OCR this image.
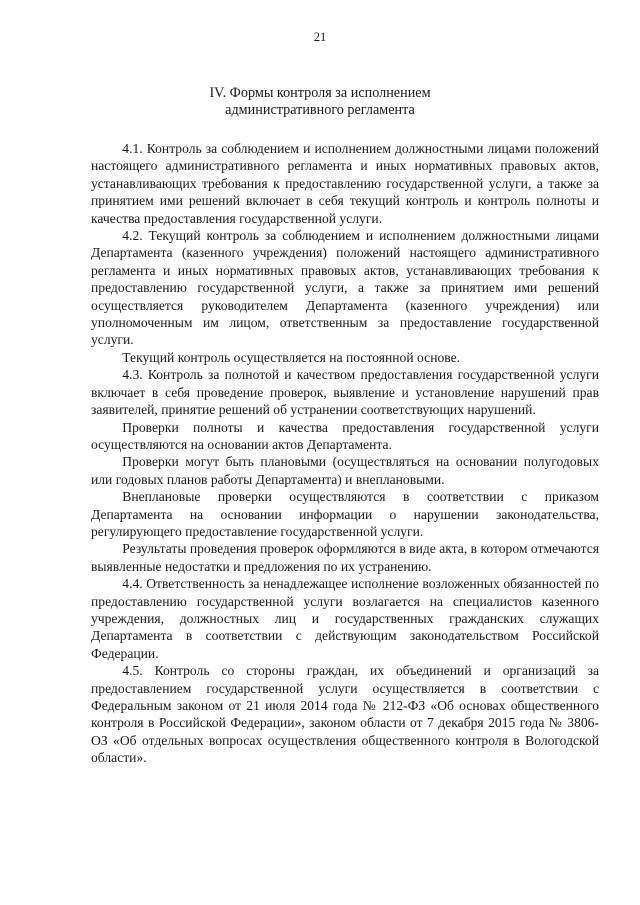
21
IV. Формы контроля за исполнением
административного регламента

4.1. Контроль за соблюдением и исполнением должностными лицами положений настоящего административного регламента и иных нормативных правовых актов, устанавливающих требования к предоставлению государственной услуги, а также за принятием ими решений включает в себя текущий контроль и контроль полноты и качества предоставления государственной услуги.

4.2. Текущий контроль за соблюдением и исполнением должностными лицами Департамента (казенного учреждения) положений настоящего административного регламента и иных нормативных правовых актов, устанавливающих требования к предоставлению государственной услуги, а также за принятием ими решений осуществляется руководителем Департамента (казенного учреждения) или уполномоченным им лицом, ответственным за предоставление государственной услуги.

Текущий контроль осуществляется на постоянной основе.

4.3. Контроль за полнотой и качеством предоставления государственной услуги включает в себя проведение проверок, выявление и установление нарушений прав заявителей, принятие решений об устранении соответствующих нарушений.

Проверки полноты и качества предоставления государственной услуги осуществляются на основании актов Департамента.

Проверки могут быть плановыми (осуществляться на основании полугодовых или годовых планов работы Департамента) и внеплановыми.

Внеплановые проверки осуществляются в соответствии с приказом Департамента на основании информации о нарушении законодательства, регулирующего предоставление государственной услуги.

Результаты проведения проверок оформляются в виде акта, в котором отмечаются выявленные недостатки и предложения по их устранению.

4.4. Ответственность за ненадлежащее исполнение возложенных обязанностей по предоставлению государственной услуги возлагается на специалистов казенного учреждения, должностных лиц и государственных гражданских служащих Департамента в соответствии с действующим законодательством Российской Федерации.

4.5. Контроль со стороны граждан, их объединений и организаций за предоставлением государственной услуги осуществляется в соответствии с Федеральным законом от 21 июля 2014 года № 212-ФЗ «Об основах общественного контроля в Российской Федерации», законом области от 7 декабря 2015 года № 3806-ОЗ «Об отдельных вопросах осуществления общественного контроля в Вологодской области».
